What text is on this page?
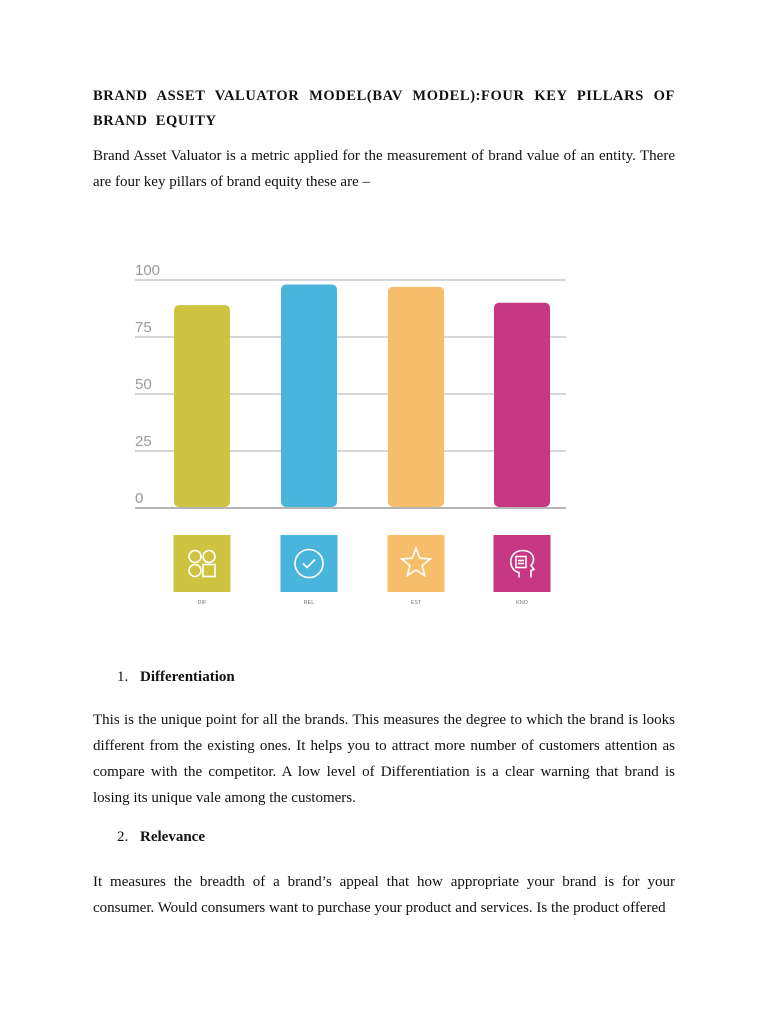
BRAND ASSET VALUATOR MODEL(BAV MODEL):FOUR KEY PILLARS OF BRAND EQUITY
Brand Asset Valuator is a metric applied for the measurement of brand value of an entity. There are four key pillars of brand equity these are –
0
25
50
75
100
DIF	REL	EST	KNO
1. Differentiation
This is the unique point for all the brands. This measures the degree to which the brand is looks different from the existing ones. It helps you to attract more number of customers attention as compare with the competitor. A low level of Differentiation is a clear warning that brand is losing its unique vale among the customers.
2. Relevance
It measures the breadth of a brand’s appeal that how appropriate your brand is for your consumer. Would consumers want to purchase your product and services. Is the product offered
